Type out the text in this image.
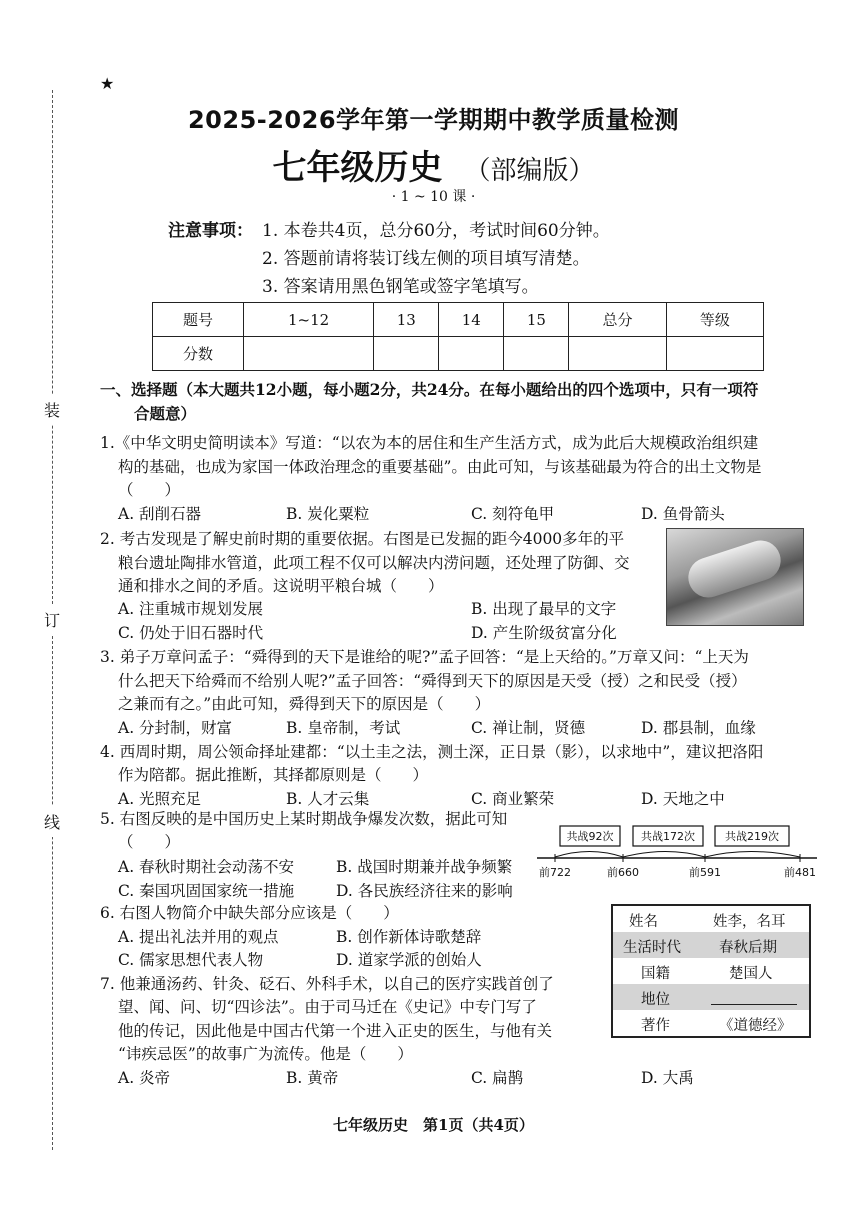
★
装
订
线
2025-2026学年第一学期期中教学质量检测
七年级历史 （部编版）
· 1 ~ 10 课 ·
注意事项： 1. 本卷共4页，总分60分，考试时间60分钟。
2. 答题前请将装订线左侧的项目填写清楚。
3. 答案请用黑色钢笔或签字笔填写。
题号	1~12	13	14	15	总分	等级
分数						
一、选择题（本大题共12小题，每小题2分，共24分。在每小题给出的四个选项中，只有一项符
合题意）
1.《中华文明史简明读本》写道：“以农为本的居住和生产生活方式，成为此后大规模政治组织建
构的基础，也成为家国一体政治理念的重要基础”。由此可知，与该基础最为符合的出土文物是
（　　）
A. 刮削石器	B. 炭化粟粒	C. 刻符龟甲	D. 鱼骨箭头
2. 考古发现是了解史前时期的重要依据。右图是已发掘的距今4000多年的平
粮台遗址陶排水管道，此项工程不仅可以解决内涝问题，还处理了防御、交
通和排水之间的矛盾。这说明平粮台城（　　）
A. 注重城市规划发展	B. 出现了最早的文字
C. 仍处于旧石器时代	D. 产生阶级贫富分化
3. 弟子万章问孟子：“舜得到的天下是谁给的呢?”孟子回答：“是上天给的。”万章又问：“上天为
什么把天下给舜而不给别人呢?”孟子回答：“舜得到天下的原因是天受（授）之和民受（授）
之兼而有之。”由此可知，舜得到天下的原因是（　　）
A. 分封制，财富	B. 皇帝制，考试	C. 禅让制，贤德	D. 郡县制，血缘
4. 西周时期，周公领命择址建都：“以土圭之法，测土深，正日景（影），以求地中”，建议把洛阳
作为陪都。据此推断，其择都原则是（　　）
A. 光照充足	B. 人才云集	C. 商业繁荣	D. 天地之中
5. 右图反映的是中国历史上某时期战争爆发次数，据此可知
（　　）
A. 春秋时期社会动荡不安	B. 战国时期兼并战争频繁
C. 秦国巩固国家统一措施	D. 各民族经济往来的影响
共战92次	共战172次	共战219次
前722	前660	前591	前481
6. 右图人物简介中缺失部分应该是（　　）
A. 提出礼法并用的观点	B. 创作新体诗歌楚辞
C. 儒家思想代表人物	D. 道家学派的创始人
姓名	姓李，名耳
生活时代	春秋后期
国籍	楚国人
地位
著作	《道德经》
7. 他兼通汤药、针灸、砭石、外科手术，以自己的医疗实践首创了
望、闻、问、切“四诊法”。由于司马迁在《史记》中专门写了
他的传记，因此他是中国古代第一个进入正史的医生，与他有关
“讳疾忌医”的故事广为流传。他是（　　）
A. 炎帝	B. 黄帝	C. 扁鹊	D. 大禹
七年级历史　第1页（共4页）
